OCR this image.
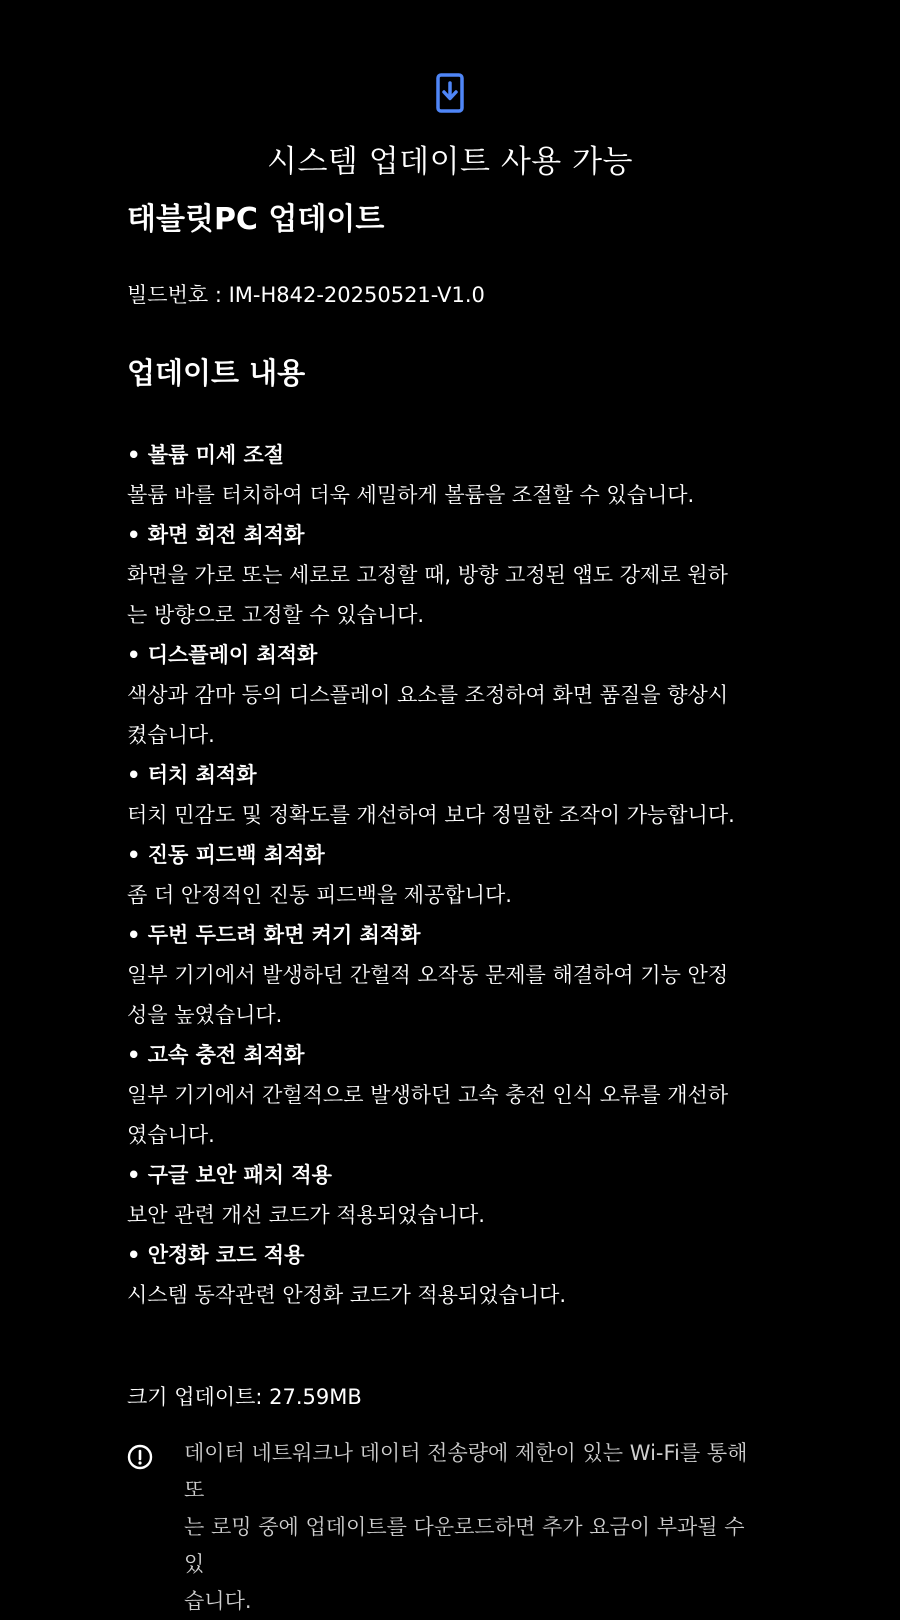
시스템 업데이트 사용 가능
태블릿PC 업데이트
빌드번호 : IM-H842-20250521-V1.0
업데이트 내용
• 볼륨 미세 조절
볼륨 바를 터치하여 더욱 세밀하게 볼륨을 조절할 수 있습니다.
• 화면 회전 최적화
화면을 가로 또는 세로로 고정할 때, 방향 고정된 앱도 강제로 원하
는 방향으로 고정할 수 있습니다.
• 디스플레이 최적화
색상과 감마 등의 디스플레이 요소를 조정하여 화면 품질을 향상시
켰습니다.
• 터치 최적화
터치 민감도 및 정확도를 개선하여 보다 정밀한 조작이 가능합니다.
• 진동 피드백 최적화
좀 더 안정적인 진동 피드백을 제공합니다.
• 두번 두드려 화면 켜기 최적화
일부 기기에서 발생하던 간헐적 오작동 문제를 해결하여 기능 안정
성을 높였습니다.
• 고속 충전 최적화
일부 기기에서 간헐적으로 발생하던 고속 충전 인식 오류를 개선하
였습니다.
• 구글 보안 패치 적용
보안 관련 개선 코드가 적용되었습니다.
• 안정화 코드 적용
시스템 동작관련 안정화 코드가 적용되었습니다.
크기 업데이트: 27.59MB
데이터 네트워크나 데이터 전송량에 제한이 있는 Wi-Fi를 통해 또
는 로밍 중에 업데이트를 다운로드하면 추가 요금이 부과될 수 있
습니다.
